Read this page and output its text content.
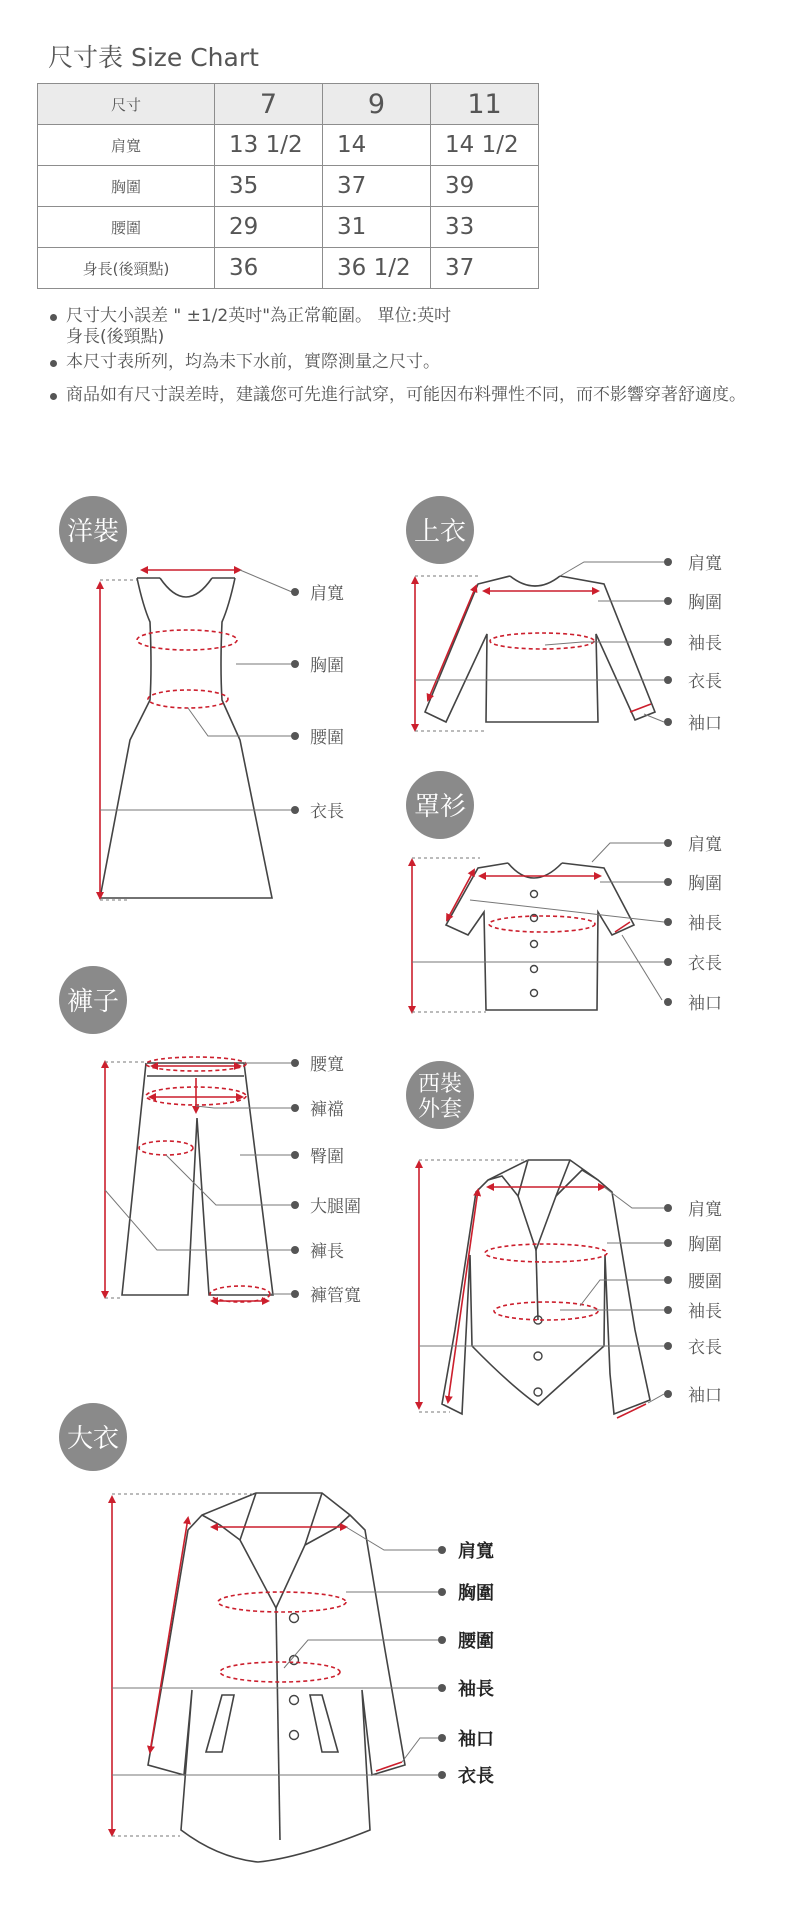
尺寸表 Size Chart
尺寸	7	9	11
肩寬	13 1/2	14	14 1/2
胸圍	35	37	39
腰圍	29	31	33
身長(後頸點)	36	36 1/2	37
尺寸大小誤差 " ±1/2英吋"為正常範圍。 單位:英吋
身長(後頸點)
本尺寸表所列，均為未下水前，實際測量之尺寸。
商品如有尺寸誤差時，建議您可先進行試穿，可能因布料彈性不同，而不影響穿著舒適度。
洋裝
肩寬
胸圍
腰圍
衣長
上衣
肩寬
胸圍
袖長
衣長
袖口
罩衫
肩寬
胸圍
袖長
衣長
袖口
褲子
腰寬
褲襠
臀圍
大腿圍
褲長
褲管寬
西裝
外套
肩寬
胸圍
腰圍
袖長
衣長
袖口
大衣
肩寬
胸圍
腰圍
袖長
袖口
衣長
